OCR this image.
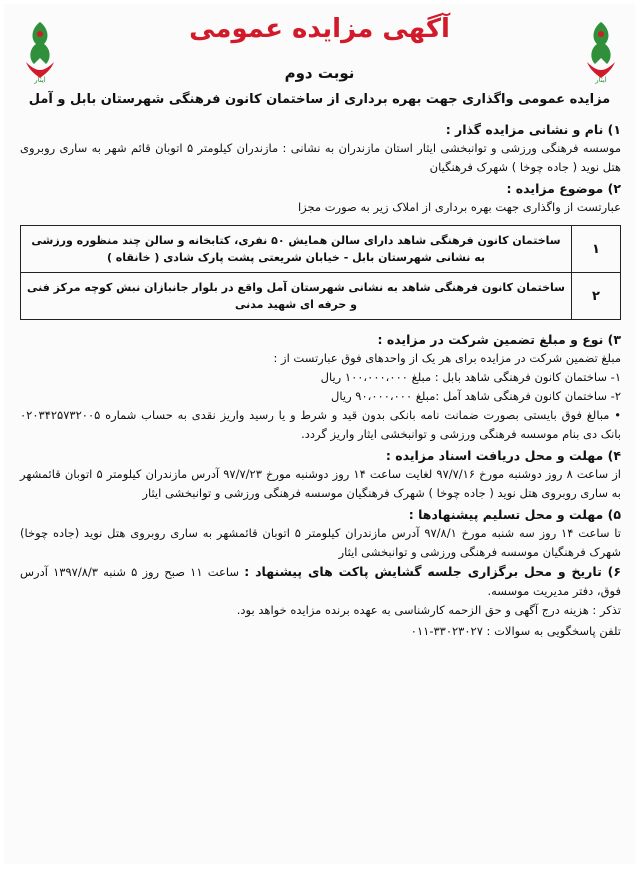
ایثار
ایثار
آگهی مزایده عمومی
نوبت دوم
مزایده عمومی واگذاری جهت بهره برداری از ساختمان کانون فرهنگی شهرستان بابل و آمل
۱) نام و نشانی مزایده گذار :

موسسه فرهنگی ورزشی و توانبخشی ایثار استان مازندران به نشانی : مازندران کیلومتر ۵ اتوبان قائم شهر به ساری روبروی هتل نوید ( جاده چوخا ) شهرک فرهنگیان

۲) موضوع مزایده :

عبارتست از واگذاری جهت بهره برداری از املاک زیر به صورت مجزا

۱	ساختمان کانون فرهنگی شاهد دارای سالن همایش ۵۰ نفری، کتابخانه و سالن چند منظوره ورزشی به نشانی شهرستان بابل - خیابان شریعتی پشت پارک شادی ( خانقاه )
۲	ساختمان کانون فرهنگی شاهد به نشانی شهرستان آمل واقع در بلوار جانبازان نبش کوچه مرکز فنی و حرفه ای شهید مدنی
۳) نوع و مبلغ تضمین شرکت در مزایده :

مبلغ تضمین شرکت در مزایده برای هر یک از واحدهای فوق عبارتست از :

۱- ساختمان کانون فرهنگی شاهد بابل : مبلغ ۱۰۰،۰۰۰،۰۰۰ ریال

۲- ساختمان کانون فرهنگی شاهد آمل :مبلغ ۹۰،۰۰۰،۰۰۰ ریال

• مبالغ فوق بایستی بصورت ضمانت نامه بانکی بدون قید و شرط و یا رسید واریز نقدی به حساب شماره ۰۲۰۳۴۲۵۷۳۲۰۰۵ بانک دی بنام موسسه فرهنگی ورزشی و توانبخشی ایثار واریز گردد.

۴) مهلت و محل دریافت اسناد مزایده :

از ساعت ۸ روز دوشنبه مورخ ۹۷/۷/۱۶ لغایت ساعت ۱۴ روز دوشنبه مورخ ۹۷/۷/۲۳ آدرس مازندران کیلومتر ۵ اتوبان قائمشهر به ساری روبروی هتل نوید ( جاده چوخا ) شهرک فرهنگیان موسسه فرهنگی ورزشی و توانبخشی ایثار

۵) مهلت و محل تسلیم پیشنهادها :

تا ساعت ۱۴ روز سه شنبه مورخ ۹۷/۸/۱ آدرس مازندران کیلومتر ۵ اتوبان قائمشهر به ساری روبروی هتل نوید (جاده چوخا) شهرک فرهنگیان موسسه فرهنگی ورزشی و توانبخشی ایثار

۶) تاریخ و محل برگزاری جلسه گشایش پاکت های پیشنهاد : ساعت ۱۱ صبح روز ۵ شنبه ۱۳۹۷/۸/۳ آدرس فوق، دفتر مدیریت موسسه.

تذکر : هزینه درج آگهی و حق الزحمه کارشناسی به عهده برنده مزایده خواهد بود.

تلفن پاسخگویی به سوالات : ۳۳۰۲۳۰۲۷-۰۱۱
